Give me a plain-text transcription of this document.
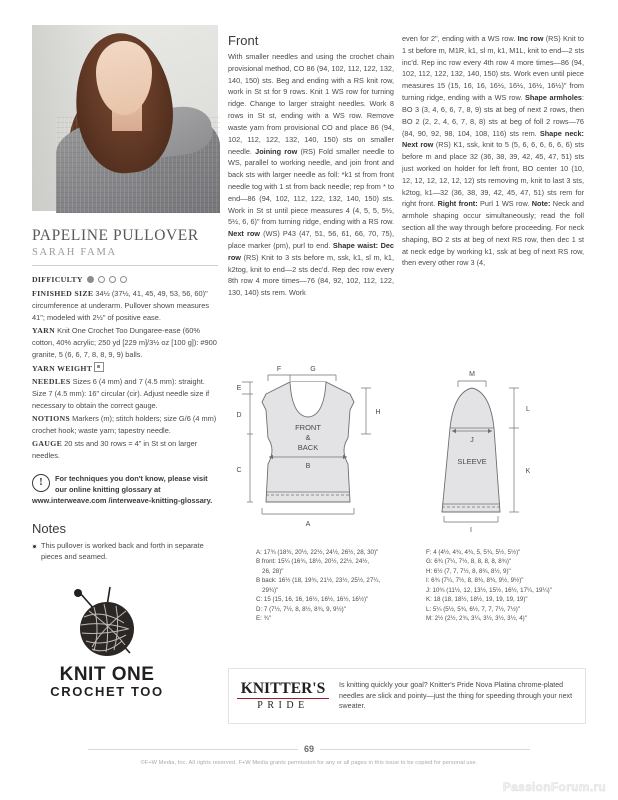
PAPELINE PULLOVER
SARAH FAMA
DIFFICULTY

FINISHED SIZE 34½ (37½, 41, 45, 49, 53, 56, 60)" circumference at underarm. Pullover shown measures 41"; modeled with 2½" of positive ease.

YARN Knit One Crochet Too Dungaree-ease (60% cotton, 40% acrylic; 250 yd [229 m]/3½ oz [100 g]): #900 granite, 5 (6, 6, 7, 8, 8, 9, 9) balls.

YARN WEIGHT

NEEDLES Sizes 6 (4 mm) and 7 (4.5 mm): straight. Size 7 (4.5 mm): 16" circular (cir). Adjust needle size if necessary to obtain the correct gauge.

NOTIONS Markers (m); stitch holders; size G/6 (4 mm) crochet hook; waste yarn; tapestry needle.

GAUGE 20 sts and 30 rows = 4" in St st on larger needles.

!	For techniques you don't know, please visit our online knitting glossary at www.interweave.com /interweave-knitting-glossary.
Notes
This pullover is worked back and forth in separate pieces and seamed.
KNIT ONE
CROCHET TOO
Front
With smaller needles and using the crochet chain provisional method, CO 86 (94, 102, 112, 122, 132, 140, 150) sts. Beg and ending with a RS knit row, work in St st for 9 rows. Knit 1 WS row for turning ridge. Change to larger straight needles. Work 8 rows in St st, ending with a WS row. Remove waste yarn from provisional CO and place 86 (94, 102, 112, 122, 132, 140, 150) sts on smaller needle. Joining row (RS) Fold smaller needle to WS, parallel to working needle, and join front and back sts with larger needle as foll: *k1 st from front needle tog with 1 st from back needle; rep from * to end—86 (94, 102, 112, 122, 132, 140, 150) sts. Work in St st until piece measures 4 (4, 5, 5, 5½, 5½, 6, 6)" from turning ridge, ending with a RS row. Next row (WS) P43 (47, 51, 56, 61, 66, 70, 75), place marker (pm), purl to end. Shape waist: Dec row (RS) Knit to 3 sts before m, ssk, k1, sl m, k1, k2tog, knit to end—2 sts dec'd. Rep dec row every 8th row 4 more times—76 (84, 92, 102, 112, 122, 130, 140) sts rem. Work
even for 2", ending with a WS row. Inc row (RS) Knit to 1 st before m, M1R, k1, sl m, k1, M1L, knit to end—2 sts inc'd. Rep inc row every 4th row 4 more times—86 (94, 102, 112, 122, 132, 140, 150) sts. Work even until piece measures 15 (15, 16, 16, 16½, 16½, 16½, 16½)" from turning ridge, ending with a WS row. Shape armholes: BO 3 (3, 4, 6, 6, 7, 8, 9) sts at beg of next 2 rows, then BO 2 (2, 2, 4, 6, 7, 8, 8) sts at beg of foll 2 rows—76 (84, 90, 92, 98, 104, 108, 116) sts rem. Shape neck: Next row (RS) K1, ssk, knit to 5 (5, 6, 6, 6, 6, 6, 6) sts before m and place 32 (36, 38, 39, 42, 45, 47, 51) sts just worked on holder for left front, BO center 10 (10, 12, 12, 12, 12, 12, 12) sts removing m, knit to last 3 sts, k2tog, k1—32 (36, 38, 39, 42, 45, 47, 51) sts rem for right front. Right front: Purl 1 WS row. Note: Neck and armhole shaping occur simultaneously; read the foll section all the way through before proceeding. For neck shaping, BO 2 sts at beg of next RS row, then dec 1 st at neck edge by working k1, ssk at beg of next RS row, then every other row 3 (4,
FRONT
&
BACK
B
E
D
C
F	G
H
A
SLEEVE
J
M
L
K
I

A: 17¾ (18¾, 20½, 22½, 24½, 26½, 28, 30)"

B front: 15¼ (16¾, 18½, 20½, 22½, 24½,

26, 28)"

B back: 16½ (18, 19¾, 21½, 23½, 25½, 27¼,

29¾)"

C: 15 (15, 16, 16, 16½, 16½, 16½, 16½)"

D: 7 (7½, 7½, 8, 8½, 8¾, 9, 9½)"

E: ¾"

F: 4 (4½, 4¾, 4¾, 5, 5¾, 5½, 5½)"

G: 6¾ (7¼, 7½, 8, 8, 8, 8, 8¾)"

H: 6½ (7, 7, 7½, 8, 8¾, 8½, 9)"

I: 6¾ (7¼, 7½, 8, 8¾, 8¾, 9½, 9½)"

J: 10¾ (11½, 12, 13½, 15½, 16½, 17¼, 19¼)"

K: 18 (18, 18½, 18½, 19, 19, 19, 19)"

L: 5¼ (5½, 5¾, 6½, 7, 7, 7½, 7½)"

M: 2½ (2½, 2¾, 3¼, 3½, 3½, 3½, 4)"

KNITTER'S
PRIDE
Is knitting quickly your goal? Knitter's Pride Nova Platina chrome-plated needles are slick and pointy—just the thing for speeding through your next sweater.
69
©F+W Media, Inc. All rights reserved. F+W Media grants permission for any or all pages in this issue to be copied for personal use.
PassionForum.ru
